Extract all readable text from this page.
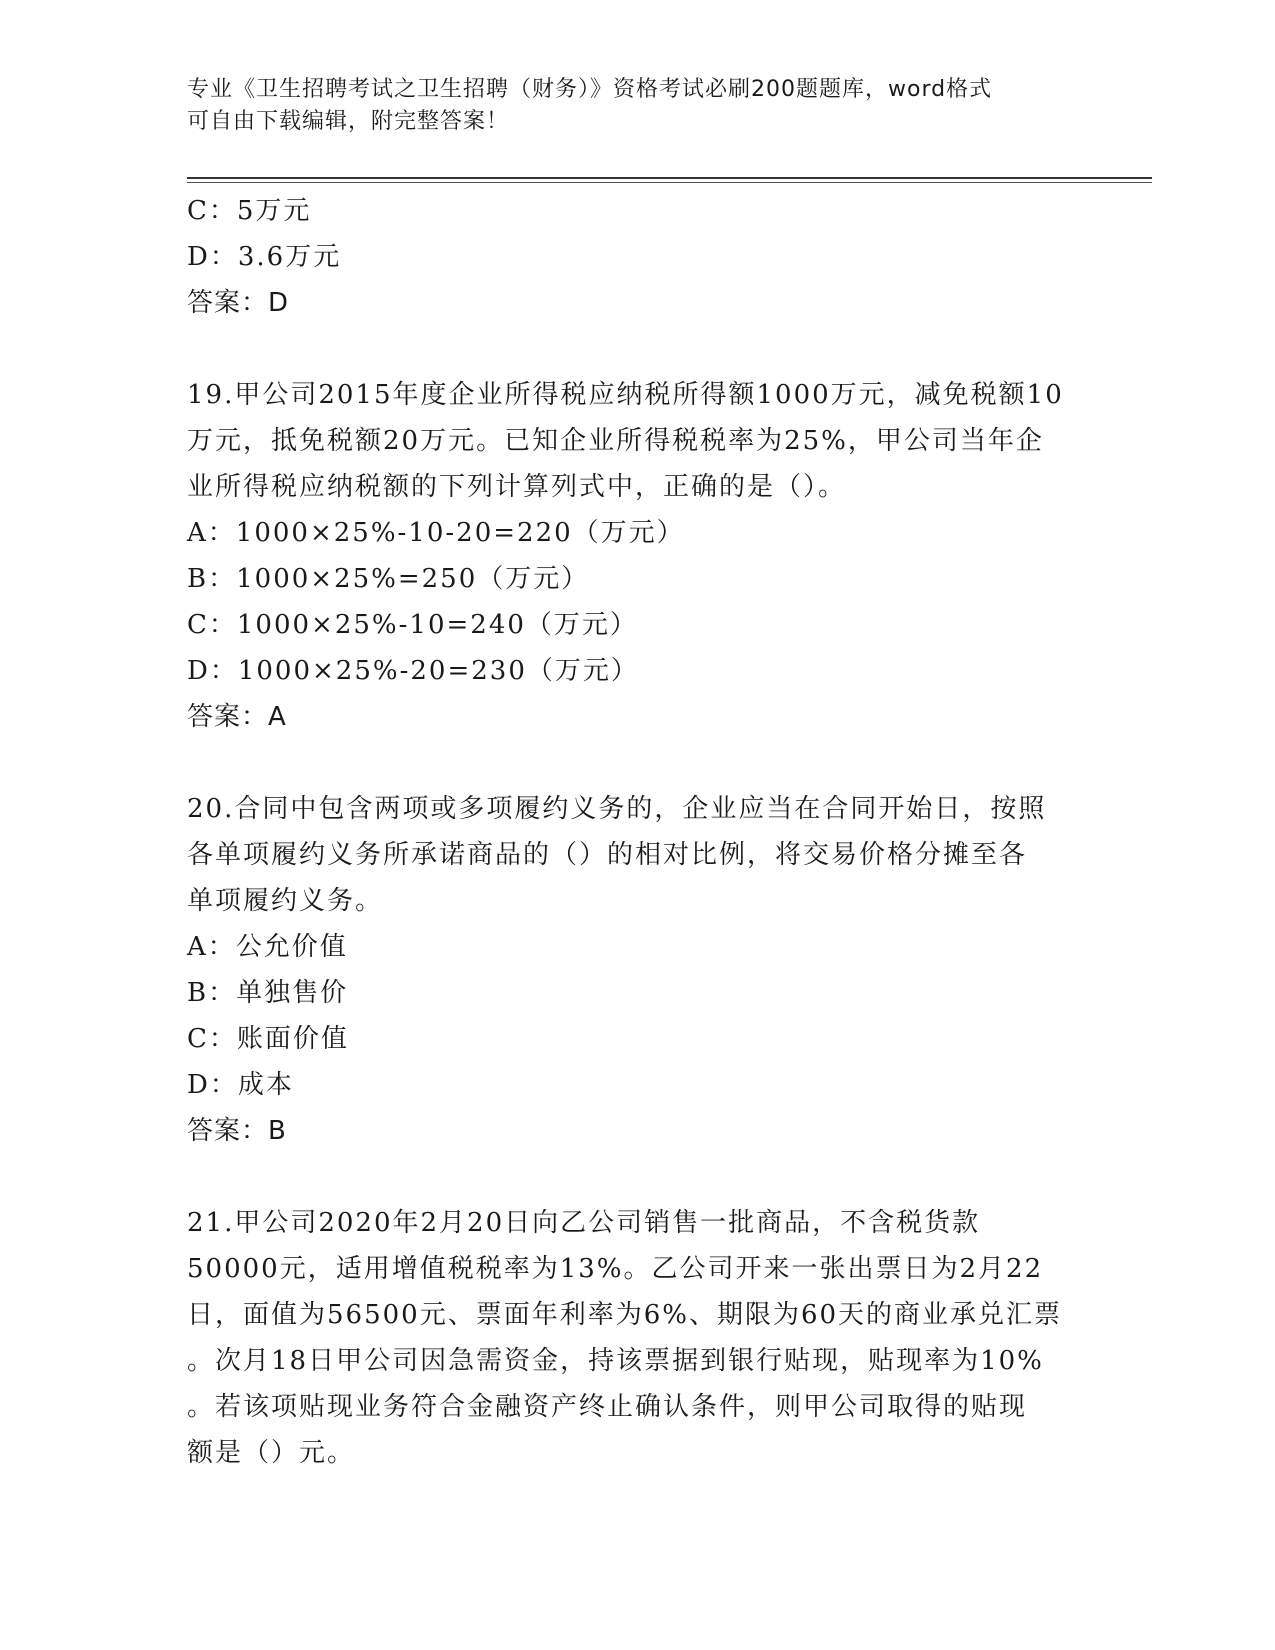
专业《卫生招聘考试之卫生招聘（财务）》资格考试必刷200题题库，word格式
可自由下载编辑，附完整答案！
C：5万元
D：3.6万元
答案：D
19.甲公司2015年度企业所得税应纳税所得额1000万元，减免税额10
万元，抵免税额20万元。已知企业所得税税率为25%，甲公司当年企
业所得税应纳税额的下列计算列式中，正确的是（）。
A：1000×25%-10-20=220（万元）
B：1000×25%=250（万元）
C：1000×25%-10=240（万元）
D：1000×25%-20=230（万元）
答案：A
20.合同中包含两项或多项履约义务的，企业应当在合同开始日，按照
各单项履约义务所承诺商品的（）的相对比例，将交易价格分摊至各
单项履约义务。
A：公允价值
B：单独售价
C：账面价值
D：成本
答案：B
21.甲公司2020年2月20日向乙公司销售一批商品，不含税货款
50000元，适用增值税税率为13%。乙公司开来一张出票日为2月22
日，面值为56500元、票面年利率为6%、期限为60天的商业承兑汇票
。次月18日甲公司因急需资金，持该票据到银行贴现，贴现率为10%
。若该项贴现业务符合金融资产终止确认条件，则甲公司取得的贴现
额是（）元。
